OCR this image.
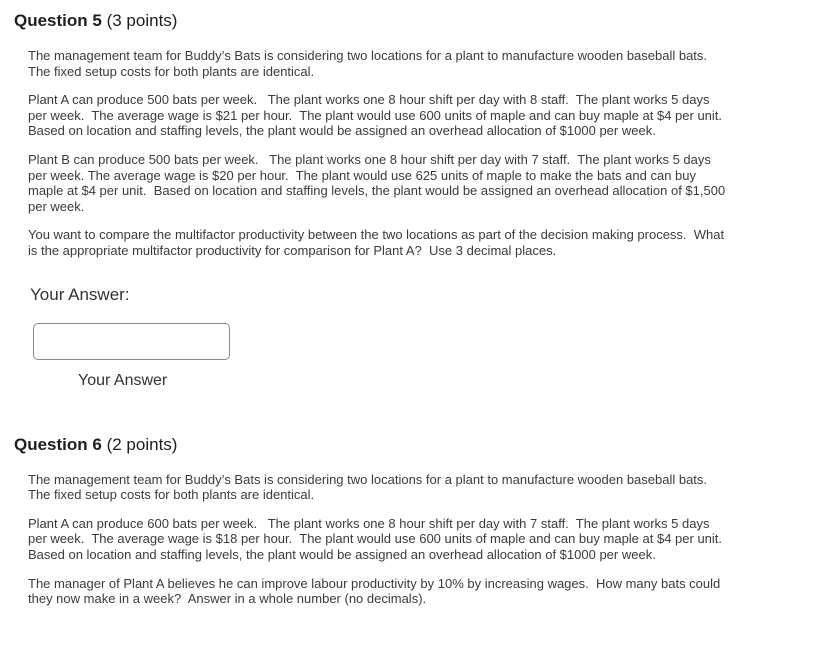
Question 5 (3 points)

The management team for Buddy’s Bats is considering two locations for a plant to manufacture wooden baseball bats.  The fixed setup costs for both plants are identical.

Plant A can produce 500 bats per week.   The plant works one 8 hour shift per day with 8 staff.  The plant works 5 days per week.  The average wage is $21 per hour.  The plant would use 600 units of maple and can buy maple at $4 per unit.   Based on location and staffing levels, the plant would be assigned an overhead allocation of $1000 per week.

Plant B can produce 500 bats per week.   The plant works one 8 hour shift per day with 7 staff.  The plant works 5 days per week. The average wage is $20 per hour.  The plant would use 625 units of maple to make the bats and can buy maple at $4 per unit.  Based on location and staffing levels, the plant would be assigned an overhead allocation of $1,500 per week.

You want to compare the multifactor productivity between the two locations as part of the decision making process.  What is the appropriate multifactor productivity for comparison for Plant A?  Use 3 decimal places.

Your Answer:
Your Answer
Question 6 (2 points)

The management team for Buddy’s Bats is considering two locations for a plant to manufacture wooden baseball bats.  The fixed setup costs for both plants are identical.

Plant A can produce 600 bats per week.   The plant works one 8 hour shift per day with 7 staff.  The plant works 5 days per week.  The average wage is $18 per hour.  The plant would use 600 units of maple and can buy maple at $4 per unit.   Based on location and staffing levels, the plant would be assigned an overhead allocation of $1000 per week.

The manager of Plant A believes he can improve labour productivity by 10% by increasing wages.  How many bats could they now make in a week?  Answer in a whole number (no decimals).
